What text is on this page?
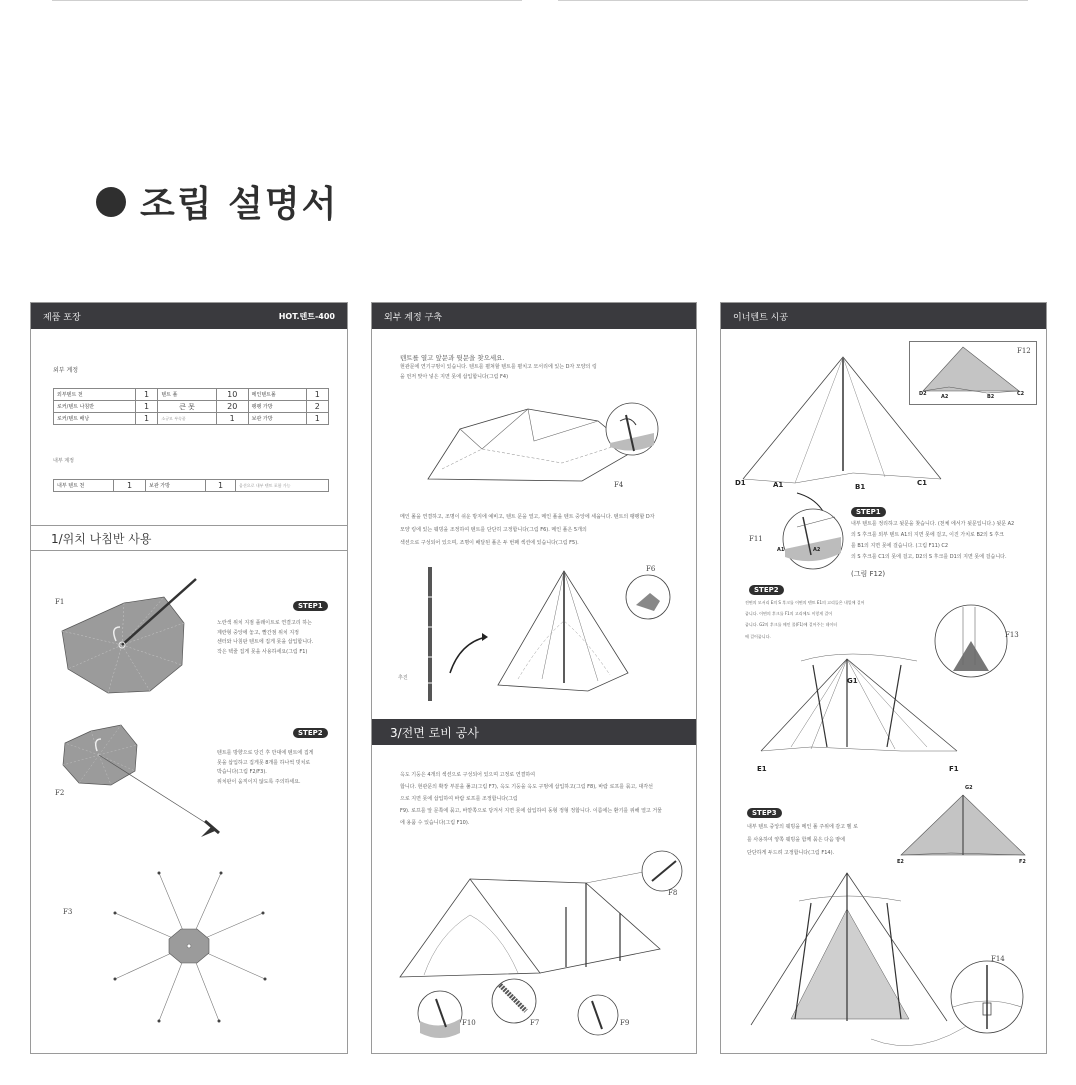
조립 설명서
제품 포장	HOT.텐트-400
외부 계정
외부텐트 천	1	텐트 폴	10	메인텐트폴	1
로커/텐트 나침반	1	큰 못	20	팽팽 가방	2
로커/텐트 배낭	1	소규모 부속품	1	보관 가방	1
내부 계정
내부 텐트 천	1	보관 가방	1	옵션으로 내부 텐트 포함 가능
1/위치 나침반 사용
F1	STEP1
노란색 위치 지점 플래이트로 연결고리 하는
계란형 중앙에 놓고, 빨간점 위치 지정
센터와 나침판 텐트에 집게 못을 삽입합니다.
작은 텍줄 집게 못을 사용하세요(그림 F1)
F2
STEP2
텐트를 방향으로 당긴 후 만대에 텐트에 집게
못을 삽입하고 집게못 8개를 하나씩 빗치로
박습니다(그림 F2/F3).
위치판이 움직이지 않도록 주의하세요.
F3
외부 계정 구축
텐트를 열고 앞문과 뒷문을 찾으세요.
현관문에 연기구멍이 있습니다. 텐트를 펼쳐할 텐트를 펼치고 모서리에 있는 D자 모양의 링
을 먼저 맞아 넣은 지면 못에 삽입합니다(그림 F4)
F4
메인 폴을 연결하고, 조명이 쉬운 방지에 예비고, 텐트 문을 열고, 메인 폴을 텐트 중앙에 세웁니다. 텐트의 팽팽할 D자
모양 링에 있는 웨빙을 조정하여 텐트를 단단히 고정합니다(그림 F6). 메인 폴은 5개의
섹션으로 구성되어 있으며, 조명이 배달된 폴은 두 번째 섹션에 있습니다(그림 F5).
F6
추진
3/전면 로비 공사
옥도 기둥은 4개의 섹션으로 구성되어 있으며 고정로 연결하여
합니다. 현관문의 확장 부분을 풀고(그림 F7), 옥도 기둥을 옥도 구멍에 삽입하고(그림 F8), 바람 로프를 묶고, 대각선
으로 지면 못에 삽입하여 바람 로프를 조정합니다(그림
F9). 로프를 앞 문쪽에 묶고, 바깥쪽으로 당겨서 지면 못에 삽입하여 동형 정형 정합니다. 이름에는 환기를 위해 열고 거물
에 용품 수 있습니다(그림 F10).
F8
F10	F7	F9
이너텐트 시공
D1	A1	B1	C1
F12
D2	A2	B2	C2
F11
A1	A2
STEP1
내부 텐트를 정리하고 뒷문을 찾습니다. (천체 에서가 뒷문입니다.) 뒷문 A2
의 S 후크를 외부 텐트 A1의 지면 못에 걸고, 이진 가치로 B2의 S 후크
를 B1의 지면 못에 걸습니다. (그림 F11) C2
의 S 후크를 C1의 못에 걸고, D2의 S 후크를 D1의 지면 못에 걸습니다.
(그림 F12)
STEP2
전면의 모서리 E의 S 후크를 이면의 텐트 E1의 고리들은 내일에 걸어
줍니다. 이면의 후크를 F1의 고리에도 이렇게 걸어
줍니다. G2의 후크를 메인 폴(F1)에 걸어주는 데이터
에 걸어줍니다.	F13
G1
E1	F1
STEP3
내부 텐트 중앙의 웨빙을 메인 폴 주위에 감고 벨 로
를 사용하여 양쪽 웨빙을 함께 묶은 다음 땅에
단단하게 두드려 고정합니다(그림 F14).
G2
E2	F2
F14
